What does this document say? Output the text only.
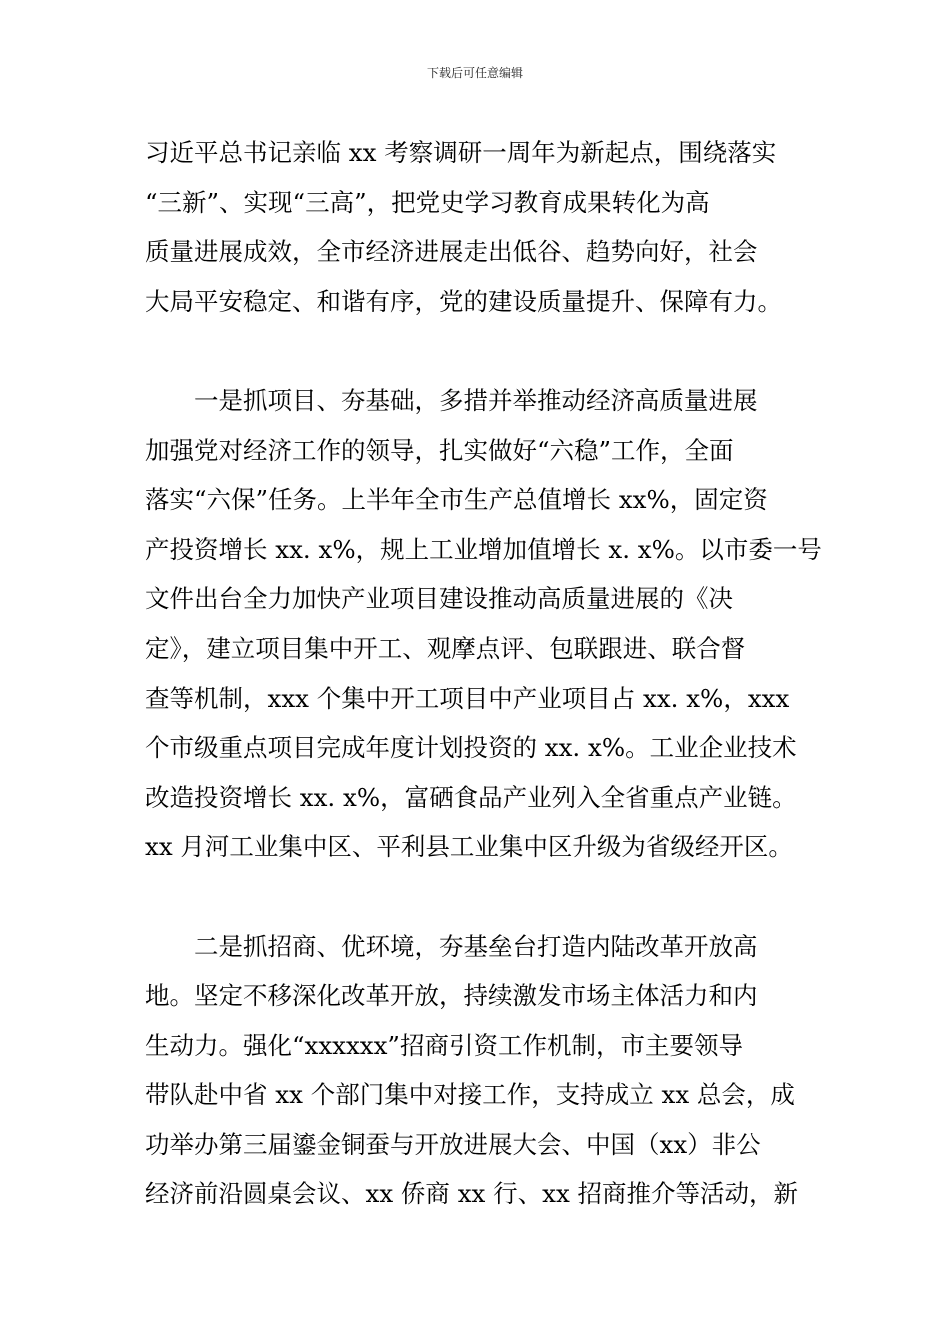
下载后可任意编辑
习近平总书记亲临 xx 考察调研一周年为新起点，围绕落实
“三新”、实现“三高”，把党史学习教育成果转化为高
质量进展成效，全市经济进展走出低谷、趋势向好，社会
大局平安稳定、和谐有序，党的建设质量提升、保障有力。
一是抓项目、夯基础，多措并举推动经济高质量进展
加强党对经济工作的领导，扎实做好“六稳”工作，全面
落实“六保”任务。上半年全市生产总值增长 xx%，固定资
产投资增长 xx. x%，规上工业增加值增长 x. x%。以市委一号
文件出台全力加快产业项目建设推动高质量进展的《决
定》，建立项目集中开工、观摩点评、包联跟进、联合督
查等机制，xxx 个集中开工项目中产业项目占 xx. x%，xxx
个市级重点项目完成年度计划投资的 xx. x%。工业企业技术
改造投资增长 xx. x%，富硒食品产业列入全省重点产业链。
xx 月河工业集中区、平利县工业集中区升级为省级经开区。
二是抓招商、优环境，夯基垒台打造内陆改革开放高
地。坚定不移深化改革开放，持续激发市场主体活力和内
生动力。强化“xxxxxx”招商引资工作机制，市主要领导
带队赴中省 xx 个部门集中对接工作，支持成立 xx 总会，成
功举办第三届鎏金铜蚕与开放进展大会、中国（xx）非公
经济前沿圆桌会议、xx 侨商 xx 行、xx 招商推介等活动，新
